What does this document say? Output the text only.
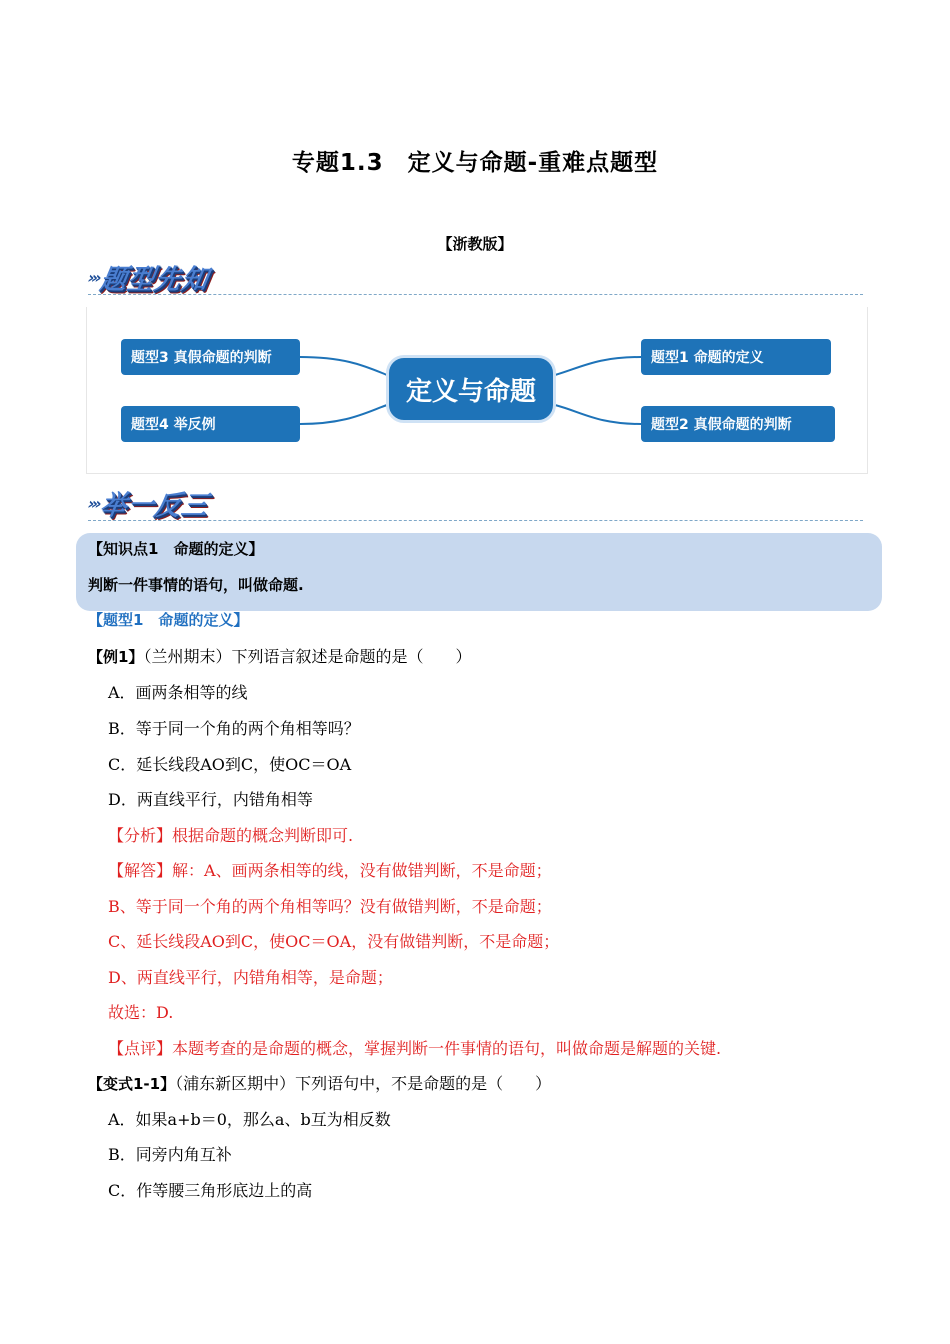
专题1.3　定义与命题-重难点题型
【浙教版】
›››
题型先知
题型3 真假命题的判断
题型4 举反例
题型1 命题的定义
题型2 真假命题的判断
定义与命题
›››
举一反三
【知识点1　命题的定义】
判断一件事情的语句，叫做命题.
【题型1　命题的定义】
【例1】（兰州期末）下列语言叙述是命题的是（　　）
A．画两条相等的线
B．等于同一个角的两个角相等吗？
C．延长线段AO到C，使OC＝OA
D．两直线平行，内错角相等
【分析】根据命题的概念判断即可.
【解答】解：A、画两条相等的线，没有做错判断，不是命题；
B、等于同一个角的两个角相等吗？没有做错判断，不是命题；
C、延长线段AO到C，使OC＝OA，没有做错判断，不是命题；
D、两直线平行，内错角相等，是命题；
故选：D.
【点评】本题考查的是命题的概念，掌握判断一件事情的语句，叫做命题是解题的关键.
【变式1-1】（浦东新区期中）下列语句中，不是命题的是（　　）
A．如果a+b＝0，那么a、b互为相反数
B．同旁内角互补
C．作等腰三角形底边上的高
